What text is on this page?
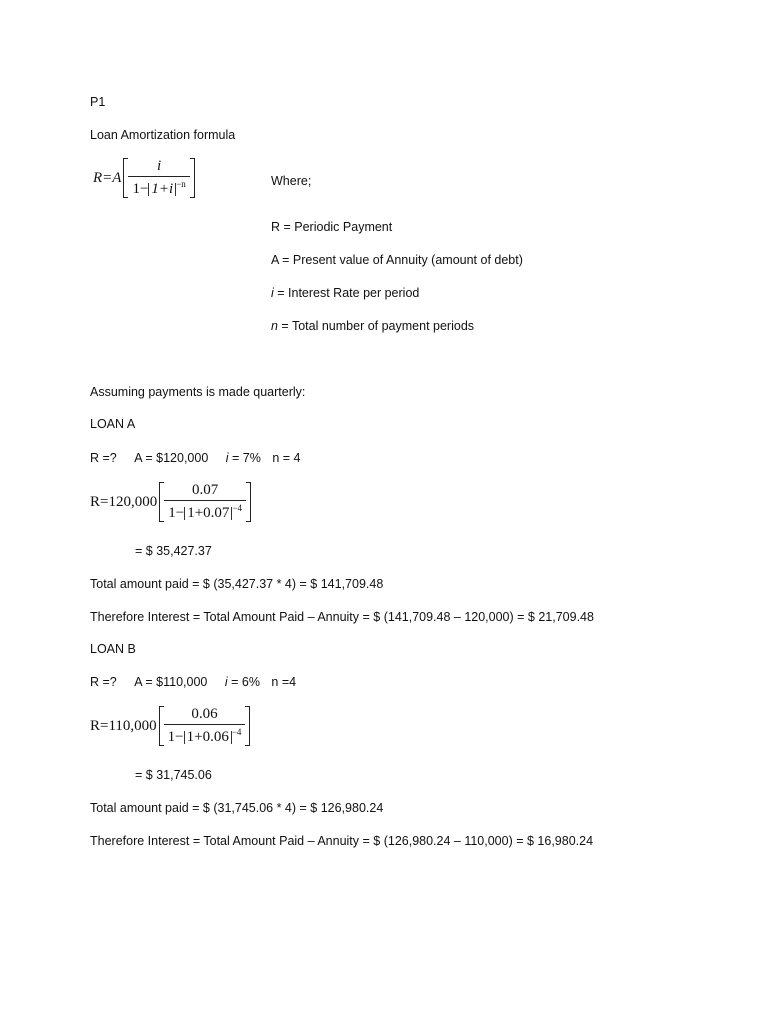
P1
Loan Amortization formula
$R=A \frac{i}{1- 1+i ^{-n}}$	Where;
R = Periodic Payment
A = Present value of Annuity (amount of debt)
i = Interest Rate per period
n = Total number of payment periods
Assuming payments is made quarterly:
LOAN A
R =? A = $120,000 i = 7% n = 4
$R=120,000 \frac{0.07}{1- 1+0.07 ^{-4}}$
= $ 35,427.37
Total amount paid = $ (35,427.37 * 4) = $ 141,709.48
Therefore Interest = Total Amount Paid – Annuity = $ (141,709.48 – 120,000) = $ 21,709.48
LOAN B
R =? A = $110,000 i = 6% n =4
$R=110,000 \frac{0.06}{1- 1+0.06 ^{-4}}$
= $ 31,745.06
Total amount paid = $ (31,745.06 * 4) = $ 126,980.24
Therefore Interest = Total Amount Paid – Annuity = $ (126,980.24 – 110,000) = $ 16,980.24
